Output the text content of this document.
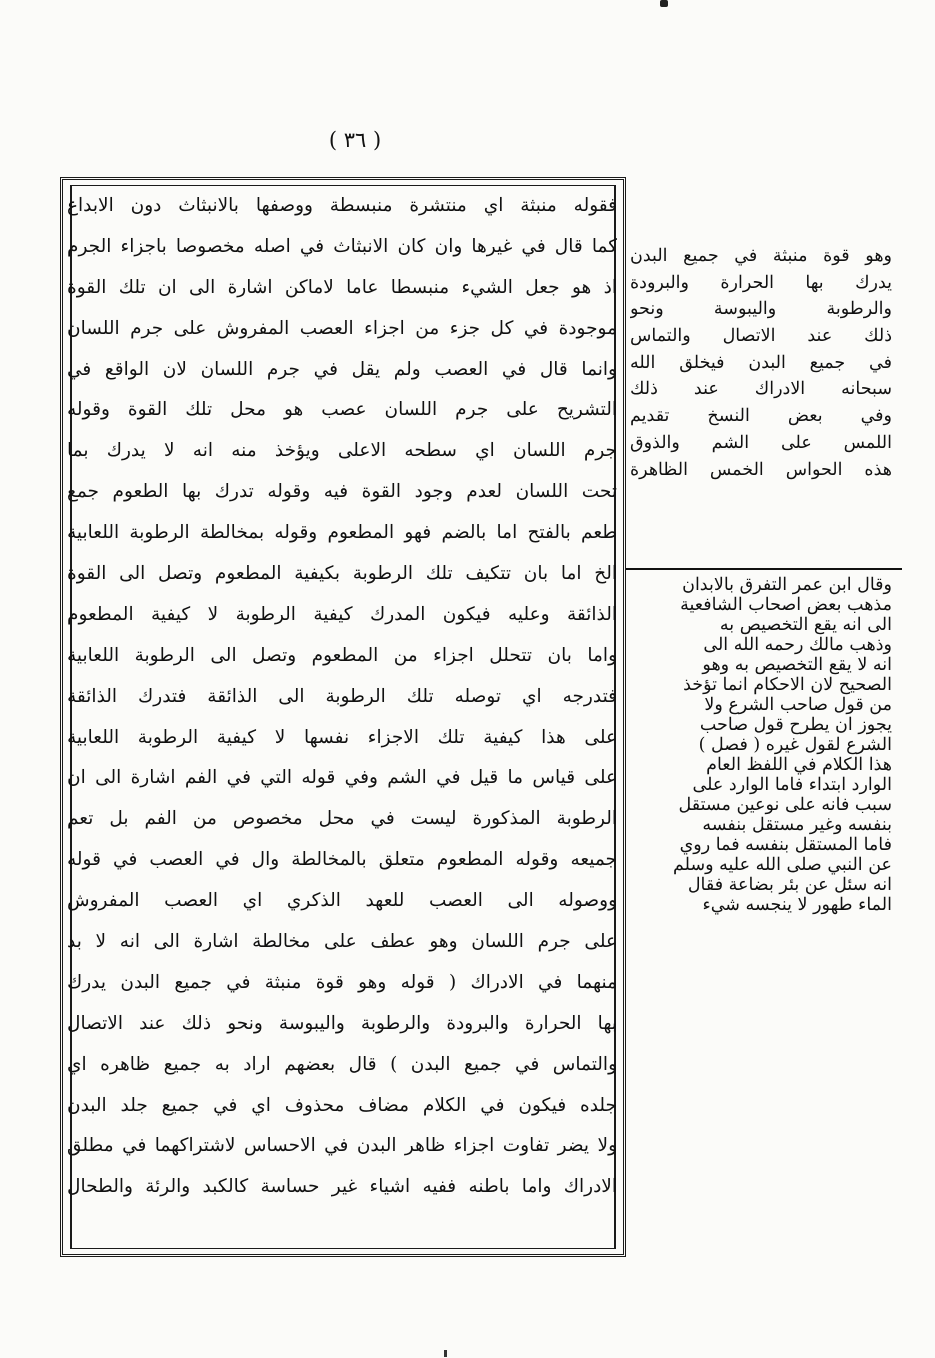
( ٣٦ )
فقوله منبثة اي منتشرة منبسطة ووصفها بالانبثاث دون الابداع
كما قال في غيرها وان كان الانبثاث في اصله مخصوصا باجزاء الجرم
اذ هو جعل الشيء منبسطا عاما لاماكن اشارة الى ان تلك القوة
موجودة في كل جزء من اجزاء العصب المفروش على جرم اللسان
وانما قال في العصب ولم يقل في جرم اللسان لان الواقع في
التشريح على جرم اللسان عصب هو محل تلك القوة وقوله
جرم اللسان اي سطحه الاعلى ويؤخذ منه انه لا يدرك بما
تحت اللسان لعدم وجود القوة فيه وقوله تدرك بها الطعوم جمع
طعم بالفتح اما بالضم فهو المطعوم وقوله بمخالطة الرطوبة اللعابية
الخ اما بان تتكيف تلك الرطوبة بكيفية المطعوم وتصل الى القوة
الذائقة وعليه فيكون المدرك كيفية الرطوبة لا كيفية المطعوم
واما بان تتحلل اجزاء من المطعوم وتصل الى الرطوبة اللعابية
فتدرجه اي توصله تلك الرطوبة الى الذائقة فتدرك الذائقة
على هذا كيفية تلك الاجزاء نفسها لا كيفية الرطوبة اللعابية
على قياس ما قيل في الشم وفي قوله التي في الفم اشارة الى ان
الرطوبة المذكورة ليست في محل مخصوص من الفم بل تعم
جميعه وقوله المطعوم متعلق بالمخالطة وال في العصب في قوله
ووصوله الى العصب للعهد الذكري اي العصب المفروش
على جرم اللسان وهو عطف على مخالطة اشارة الى انه لا بد
منهما في الادراك ( قوله وهو قوة منبثة في جميع البدن يدرك
بها الحرارة والبرودة والرطوبة واليبوسة ونحو ذلك عند الاتصال
والتماس في جميع البدن ) قال بعضهم اراد به جميع ظاهره اي
جلده فيكون في الكلام مضاف محذوف اي في جميع جلد البدن
ولا يضر تفاوت اجزاء ظاهر البدن في الاحساس لاشتراكهما في مطلق
الادراك واما باطنه ففيه اشياء غير حساسة كالكبد والرئة والطحال
وهو قوة منبثة في جميع البدن
يدرك بها الحرارة والبرودة
والرطوبة واليبوسة ونحو
ذلك عند الاتصال والتماس
في جميع البدن فيخلق الله
سبحانه الادراك عند ذلك
وفي بعض النسخ تقديم
اللمس على الشم والذوق
هذه الحواس الخمس الظاهرة
وقال ابن عمر التفرق بالابدان
مذهب بعض اصحاب الشافعية
الى انه يقع التخصيص به
وذهب مالك رحمه الله الى
انه لا يقع التخصيص به وهو
الصحيح لان الاحكام انما تؤخذ
من قول صاحب الشرع ولا
يجوز ان يطرح قول صاحب
الشرع لقول غيره ( فصل )
هذا الكلام في اللفظ العام
الوارد ابتداء فاما الوارد على
سبب فانه على نوعين مستقل
بنفسه وغير مستقل بنفسه
فاما المستقل بنفسه فما روي
عن النبي صلى الله عليه وسلم
انه سئل عن بئر بضاعة فقال
الماء طهور لا ينجسه شيء
